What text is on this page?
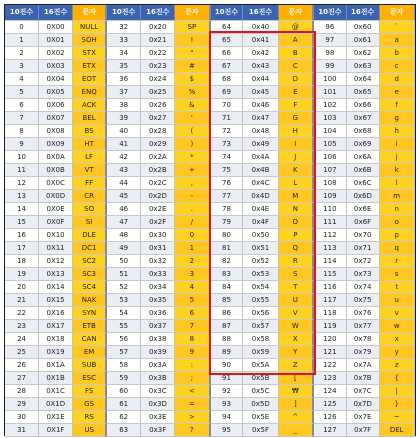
10진수	16진수	문자	10진수	16진수	문자	10진수	16진수	문자	10진수	16진수	문자
0	0X00	NULL	32	0x20	SP	64	0x40	@	96	0x60	`
1	0X01	SOH	33	0x21	!	65	0x41	A	97	0x61	a
2	0X02	STX	34	0x22	"	66	0x42	B	98	0x62	b
3	0X03	ETX	35	0x23	#	67	0x43	C	99	0x63	c
4	0X04	EOT	36	0x24	$	68	0x44	D	100	0x64	d
5	0X05	ENQ	37	0x25	%	69	0x45	E	101	0x65	e
6	0X06	ACK	38	0x26	&	70	0x46	F	102	0x66	f
7	0X07	BEL	39	0x27	'	71	0x47	G	103	0x67	g
8	0X08	BS	40	0x28	(	72	0x48	H	104	0x68	h
9	0X09	HT	41	0x29	)	73	0x49	I	105	0x69	i
10	0X0A	LF	42	0x2A	*	74	0x4A	J	106	0x6A	j
11	0X0B	VT	43	0x2B	+	75	0x4B	K	107	0x6B	k
12	0X0C	FF	44	0x2C	,	76	0x4C	L	108	0x6C	l
13	0X0D	CR	45	0x2D	-	77	0x4D	M	109	0x6D	m
14	0X0E	SO	46	0x2E	.	78	0x4E	N	110	0x6E	n
15	0X0F	SI	47	0x2F	/	79	0x4F	O	111	0x6F	o
16	0X10	DLE	48	0x30	0	80	0x50	P	112	0x70	p
17	0X11	DC1	49	0x31	1	81	0x51	Q	113	0x71	q
18	0X12	SC2	50	0x32	2	82	0x52	R	114	0x72	r
19	0X13	SC3	51	0x33	3	83	0x53	S	115	0x73	s
20	0X14	SC4	52	0x34	4	84	0x54	T	116	0x74	t
21	0X15	NAK	53	0x35	5	85	0x55	U	117	0x75	u
22	0X16	SYN	54	0x36	6	86	0x56	V	118	0x76	v
23	0X17	ETB	55	0x37	7	87	0x57	W	119	0x77	w
24	0X18	CAN	56	0x38	8	88	0x58	X	120	0x78	x
25	0X19	EM	57	0x39	9	89	0x59	Y	121	0x79	y
26	0X1A	SUB	58	0x3A	:	90	0x5A	Z	122	0x7A	z
27	0X1B	ESC	59	0x3B	;	91	0x5B	[	123	0x7B	{
28	0X1C	FS	60	0x3C	<	92	0x5C	₩	124	0x7C	|
29	0X1D	GS	61	0x3D	=	93	0x5D	]	125	0x7D	}
30	0X1E	RS	62	0x3E	>	94	0x5E	^	126	0x7E	~
31	0X1F	US	63	0x3F	?	95	0x5F	_	127	0x7F	DEL
